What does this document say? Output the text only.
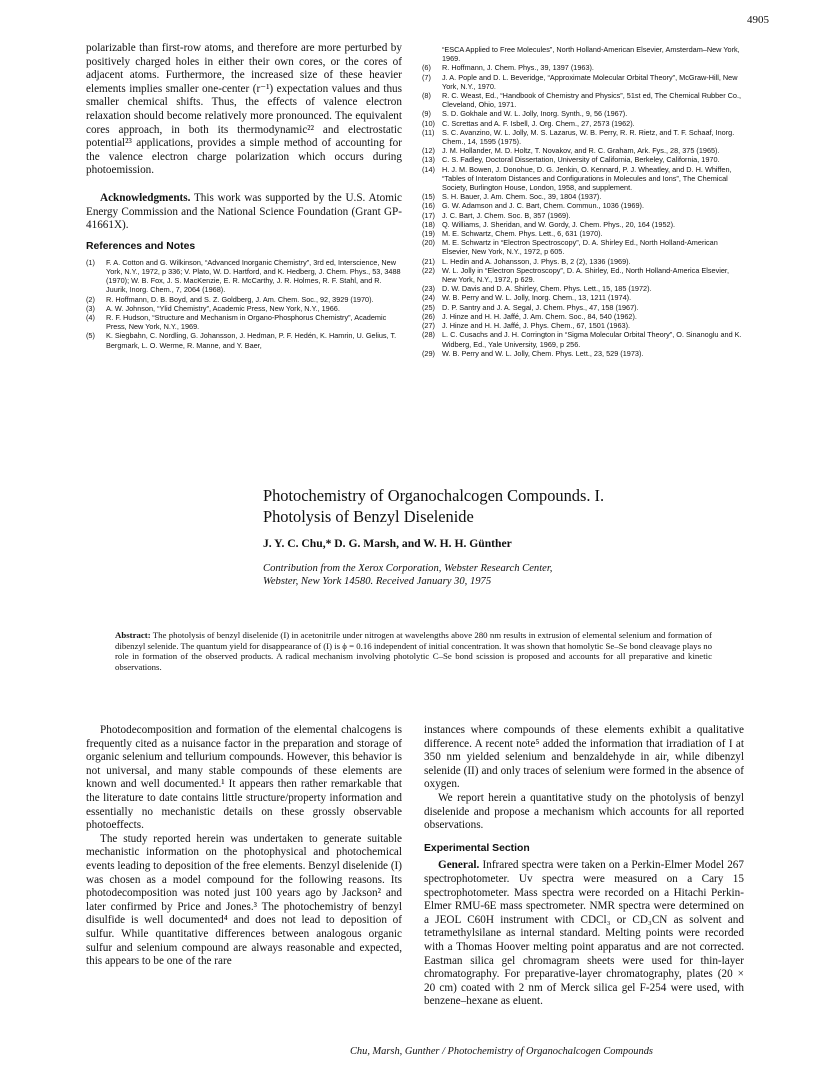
4905

polarizable than first-row atoms, and therefore are more perturbed by positively charged holes in either their own cores, or the cores of adjacent atoms. Furthermore, the increased size of these heavier elements implies smaller one-center (r⁻¹) expectation values and thus smaller chemical shifts. Thus, the effects of valence electron relaxation should become relatively more pronounced. The equivalent cores approach, in both its thermodynamic²² and electrostatic potential²³ applications, provides a simple method of accounting for the valence electron charge polarization which occurs during photoemission.

Acknowledgments. This work was supported by the U.S. Atomic Energy Commission and the National Science Foundation (Grant GP-41661X).

References and Notes
(1)	F. A. Cotton and G. Wilkinson, “Advanced Inorganic Chemistry”, 3rd ed, Interscience, New York, N.Y., 1972, p 336; V. Plato, W. D. Hartford, and K. Hedberg, J. Chem. Phys., 53, 3488 (1970); W. B. Fox, J. S. MacKenzie, E. R. McCarthy, J. R. Holmes, R. F. Stahl, and R. Juurik, Inorg. Chem., 7, 2064 (1968).
(2)	R. Hoffmann, D. B. Boyd, and S. Z. Goldberg, J. Am. Chem. Soc., 92, 3929 (1970).
(3)	A. W. Johnson, “Ylid Chemistry”, Academic Press, New York, N.Y., 1966.
(4)	R. F. Hudson, “Structure and Mechanism in Organo-Phosphorus Chemistry”, Academic Press, New York, N.Y., 1969.
(5)	K. Siegbahn, C. Nordling, G. Johansson, J. Hedman, P. F. Hedén, K. Hamrin, U. Gelius, T. Bergmark, L. O. Werme, R. Manne, and Y. Baer,
“ESCA Applied to Free Molecules”, North Holland-American Elsevier, Amsterdam–New York, 1969.
(6)	R. Hoffmann, J. Chem. Phys., 39, 1397 (1963).
(7)	J. A. Pople and D. L. Beveridge, “Approximate Molecular Orbital Theory”, McGraw-Hill, New York, N.Y., 1970.
(8)	R. C. Weast, Ed., “Handbook of Chemistry and Physics”, 51st ed, The Chemical Rubber Co., Cleveland, Ohio, 1971.
(9)	S. D. Gokhale and W. L. Jolly, Inorg. Synth., 9, 56 (1967).
(10) C. Screttas and A. F. Isbell, J. Org. Chem., 27, 2573 (1962).
(11)	S. C. Avanzino, W. L. Jolly, M. S. Lazarus, W. B. Perry, R. R. Rietz, and T. F. Schaaf, Inorg. Chem., 14, 1595 (1975).
(12) J. M. Hollander, M. D. Holtz, T. Novakov, and R. C. Graham, Ark. Fys., 28, 375 (1965).
(13) C. S. Fadley, Doctoral Dissertation, University of California, Berkeley, California, 1970.
(14) H. J. M. Bowen, J. Donohue, D. G. Jenkin, O. Kennard, P. J. Wheatley, and D. H. Whiffen, “Tables of Interatom Distances and Configurations in Molecules and Ions”, The Chemical Society, Burlington House, London, 1958, and supplement.
(15) S. H. Bauer, J. Am. Chem. Soc., 39, 1804 (1937).
(16) G. W. Adamson and J. C. Bart, Chem. Commun., 1036 (1969).
(17) J. C. Bart, J. Chem. Soc. B, 357 (1969).
(18) Q. Williams, J. Sheridan, and W. Gordy, J. Chem. Phys., 20, 164 (1952).
(19) M. E. Schwartz, Chem. Phys. Lett., 6, 631 (1970).
(20) M. E. Schwartz in “Electron Spectroscopy”, D. A. Shirley Ed., North Holland-American Elsevier, New York, N.Y., 1972, p 605.
(21) L. Hedin and A. Johansson, J. Phys. B, 2 (2), 1336 (1969).
(22) W. L. Jolly in “Electron Spectroscopy”, D. A. Shirley, Ed., North Holland-America Elsevier, New York, N.Y., 1972, p 629.
(23) D. W. Davis and D. A. Shirley, Chem. Phys. Lett., 15, 185 (1972).
(24) W. B. Perry and W. L. Jolly, Inorg. Chem., 13, 1211 (1974).
(25) D. P. Santry and J. A. Segal, J. Chem. Phys., 47, 158 (1967).
(26) J. Hinze and H. H. Jaffé, J. Am. Chem. Soc., 84, 540 (1962).
(27) J. Hinze and H. H. Jaffé, J. Phys. Chem., 67, 1501 (1963).
(28) L. C. Cusachs and J. H. Corrington in “Sigma Molecular Orbital Theory”, O. Sinanoglu and K. Widberg, Ed., Yale University, 1969, p 256.
(29) W. B. Perry and W. L. Jolly, Chem. Phys. Lett., 23, 529 (1973).
Photochemistry of Organochalcogen Compounds. I.
Photolysis of Benzyl Diselenide
J. Y. C. Chu,* D. G. Marsh, and W. H. H. Günther
Contribution from the Xerox Corporation, Webster Research Center,
Webster, New York 14580. Received January 30, 1975
Abstract: The photolysis of benzyl diselenide (I) in acetonitrile under nitrogen at wavelengths above 280 nm results in extrusion of elemental selenium and formation of dibenzyl selenide. The quantum yield for disappearance of (I) is ϕ = 0.16 independent of initial concentration. It was shown that homolytic Se–Se bond cleavage plays no role in formation of the observed products. A radical mechanism involving photolytic C–Se bond scission is proposed and accounts for all preparative and kinetic observations.

Photodecomposition and formation of the elemental chalcogens is frequently cited as a nuisance factor in the preparation and storage of organic selenium and tellurium compounds. However, this behavior is not universal, and many stable compounds of these elements are known and well documented.¹ It appears then rather remarkable that the literature to date contains little structure/property information and essentially no mechanistic details on these grossly observable photoeffects.

The study reported herein was undertaken to generate suitable mechanistic information on the photophysical and photochemical events leading to deposition of the free elements. Benzyl diselenide (I) was chosen as a model compound for the following reasons. Its photodecomposition was noted just 100 years ago by Jackson² and later confirmed by Price and Jones.³ The photochemistry of benzyl disulfide is well documented⁴ and does not lead to deposition of sulfur. While quantitative differences between analogous organic sulfur and selenium compound are always reasonable and expected, this appears to be one of the rare

instances where compounds of these elements exhibit a qualitative difference. A recent note⁵ added the information that irradiation of I at 350 nm yielded selenium and benzaldehyde in air, while dibenzyl selenide (II) and only traces of selenium were formed in the absence of oxygen.

We report herein a quantitative study on the photolysis of benzyl diselenide and propose a mechanism which accounts for all reported observations.

Experimental Section

General. Infrared spectra were taken on a Perkin-Elmer Model 267 spectrophotometer. Uv spectra were measured on a Cary 15 spectrophotometer. Mass spectra were recorded on a Hitachi Perkin-Elmer RMU-6E mass spectrometer. NMR spectra were determined on a JEOL C60H instrument with CDCl₃ or CD₃CN as solvent and tetramethylsilane as internal standard. Melting points were recorded with a Thomas Hoover melting point apparatus and are not corrected. Eastman silica gel chromagram sheets were used for thin-layer chromatography. For preparative-layer chromatography, plates (20 × 20 cm) coated with 2 nm of Merck silica gel F-254 were used, with benzene–hexane as eluent.

Chu, Marsh, Gunther / Photochemistry of Organochalcogen Compounds
